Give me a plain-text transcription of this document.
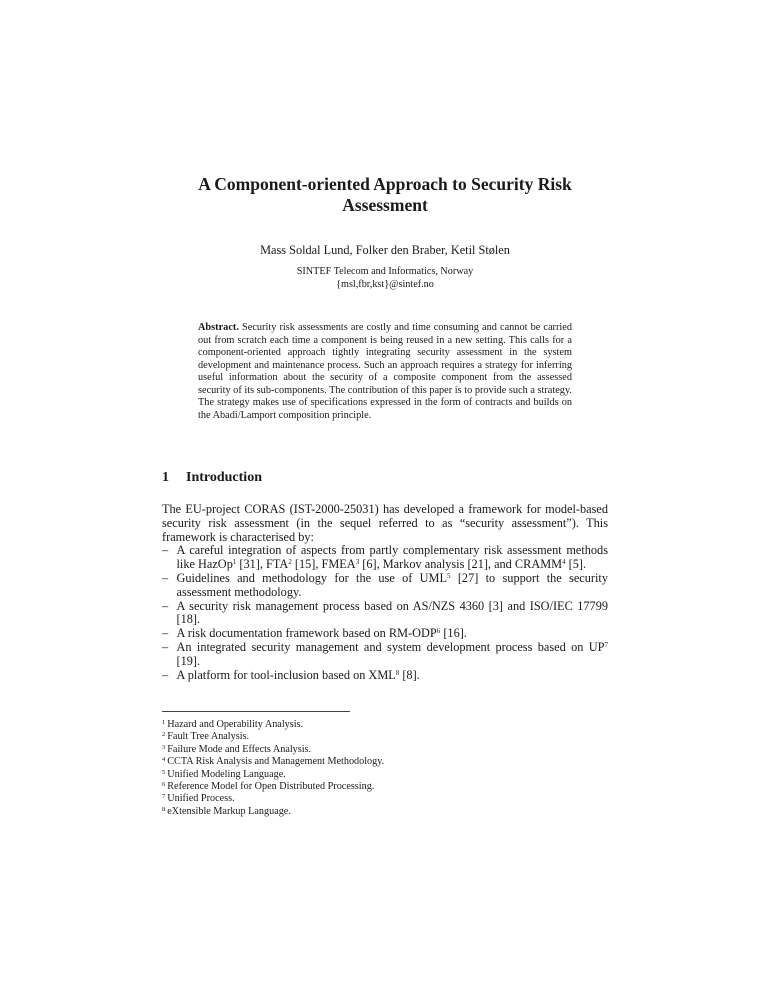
A Component-oriented Approach to Security Risk
Assessment
Mass Soldal Lund, Folker den Braber, Ketil Stølen
SINTEF Telecom and Informatics, Norway
{msl,fbr,kst}@sintef.no
Abstract. Security risk assessments are costly and time consuming and cannot be carried out from scratch each time a component is being reused in a new setting. This calls for a component-oriented approach tightly integrating security assessment in the system development and maintenance process. Such an approach requires a strategy for inferring useful information about the security of a composite component from the assessed security of its sub-components. The contribution of this paper is to provide such a strategy. The strategy makes use of specifications expressed in the form of contracts and builds on the Abadi/Lamport composition principle.
1 Introduction

The EU-project CORAS (IST-2000-25031) has developed a framework for model-based security risk assessment (in the sequel referred to as “security assessment”). This framework is characterised by:

– A careful integration of aspects from partly complementary risk assessment methods like HazOp$^1$ [31], FTA$^2$ [15], FMEA$^3$ [6], Markov analysis [21], and CRAMM$^4$ [5].
– Guidelines and methodology for the use of UML$^5$ [27] to support the security assessment methodology.
– A security risk management process based on AS/NZS 4360 [3] and ISO/IEC 17799 [18].
– A risk documentation framework based on RM-ODP$^6$ [16].
– An integrated security management and system development process based on $UP^7$ [19].
– A platform for tool-inclusion based on XML$^8$ [8].
$^1$ Hazard and Operability Analysis.
$^2$ Fault Tree Analysis.
$^3$ Failure Mode and Effects Analysis.
$^4$ CCTA Risk Analysis and Management Methodology.
$^5$ Unified Modeling Language.
$^6$ Reference Model for Open Distributed Processing.
$^7$ Unified Process.
$^8$ eXtensible Markup Language.
